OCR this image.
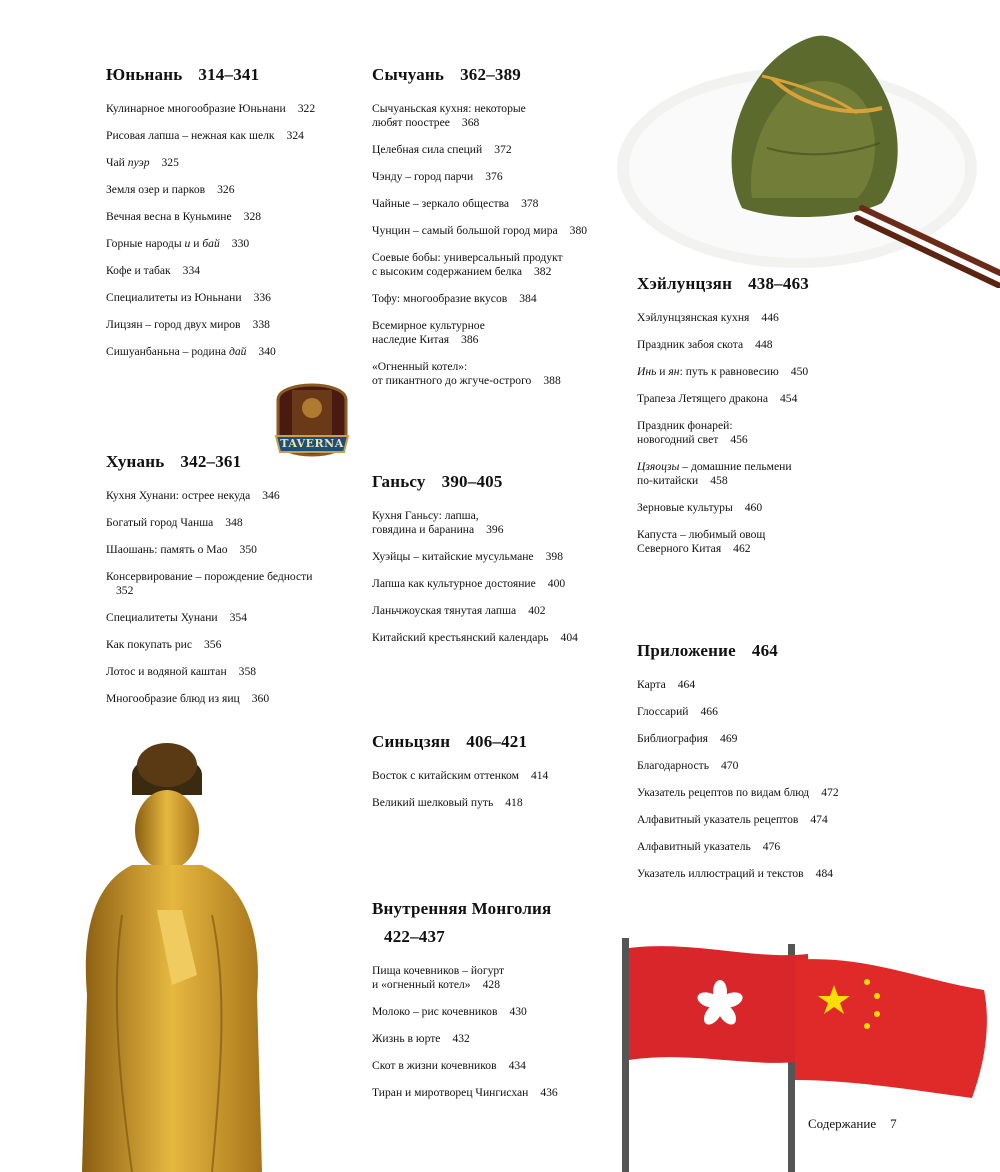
TAVERNA
Юньнань 314–341
Кулинарное многообразие Юньнани 322
Рисовая лапша – нежная как шелк 324
Чай пуэр 325
Земля озер и парков 326
Вечная весна в Куньмине 328
Горные народы и и бай 330
Кофе и табак 334
Специалитеты из Юньнани 336
Лицзян – город двух миров 338
Сишуанбаньна – родина дай 340
Хунань 342–361
Кухня Хунани: острее некуда 346
Богатый город Чанша 348
Шаошань: память о Мао 350
Консервирование – порождение бедности
352
Специалитеты Хунани 354
Как покупать рис 356
Лотос и водяной каштан 358
Многообразие блюд из яиц 360
Сычуань 362–389
Сычуаньская кухня: некоторые
любят поострее 368
Целебная сила специй 372
Чэнду – город парчи 376
Чайные – зеркало общества 378
Чунцин – самый большой город мира 380
Соевые бобы: универсальный продукт
с высоким содержанием белка 382
Тофу: многообразие вкусов 384
Всемирное культурное
наследие Китая 386
«Огненный котел»:
от пикантного до жгуче-острого 388
Ганьсу 390–405
Кухня Ганьсу: лапша,
говядина и баранина 396
Хуэйцы – китайские мусульмане 398
Лапша как культурное достояние 400
Ланьчжоуская тянутая лапша 402
Китайский крестьянский календарь 404
Синьцзян 406–421
Восток с китайским оттенком 414
Великий шелковый путь 418
Внутренняя Монголия
422–437
Пища кочевников – йогурт
и «огненный котел» 428
Молоко – рис кочевников 430
Жизнь в юрте 432
Скот в жизни кочевников 434
Тиран и миротворец Чингисхан 436
Хэйлунцзян 438–463
Хэйлунцзянская кухня 446
Праздник забоя скота 448
Инь и ян: путь к равновесию 450
Трапеза Летящего дракона 454
Праздник фонарей:
новогодний свет 456
Цзяоцзы – домашние пельмени
по-китайски 458
Зерновые культуры 460
Капуста – любимый овощ
Северного Китая 462
Приложение 464
Карта 464
Глоссарий 466
Библиография 469
Благодарность 470
Указатель рецептов по видам блюд 472
Алфавитный указатель рецептов 474
Алфавитный указатель 476
Указатель иллюстраций и текстов 484
Содержание 7
